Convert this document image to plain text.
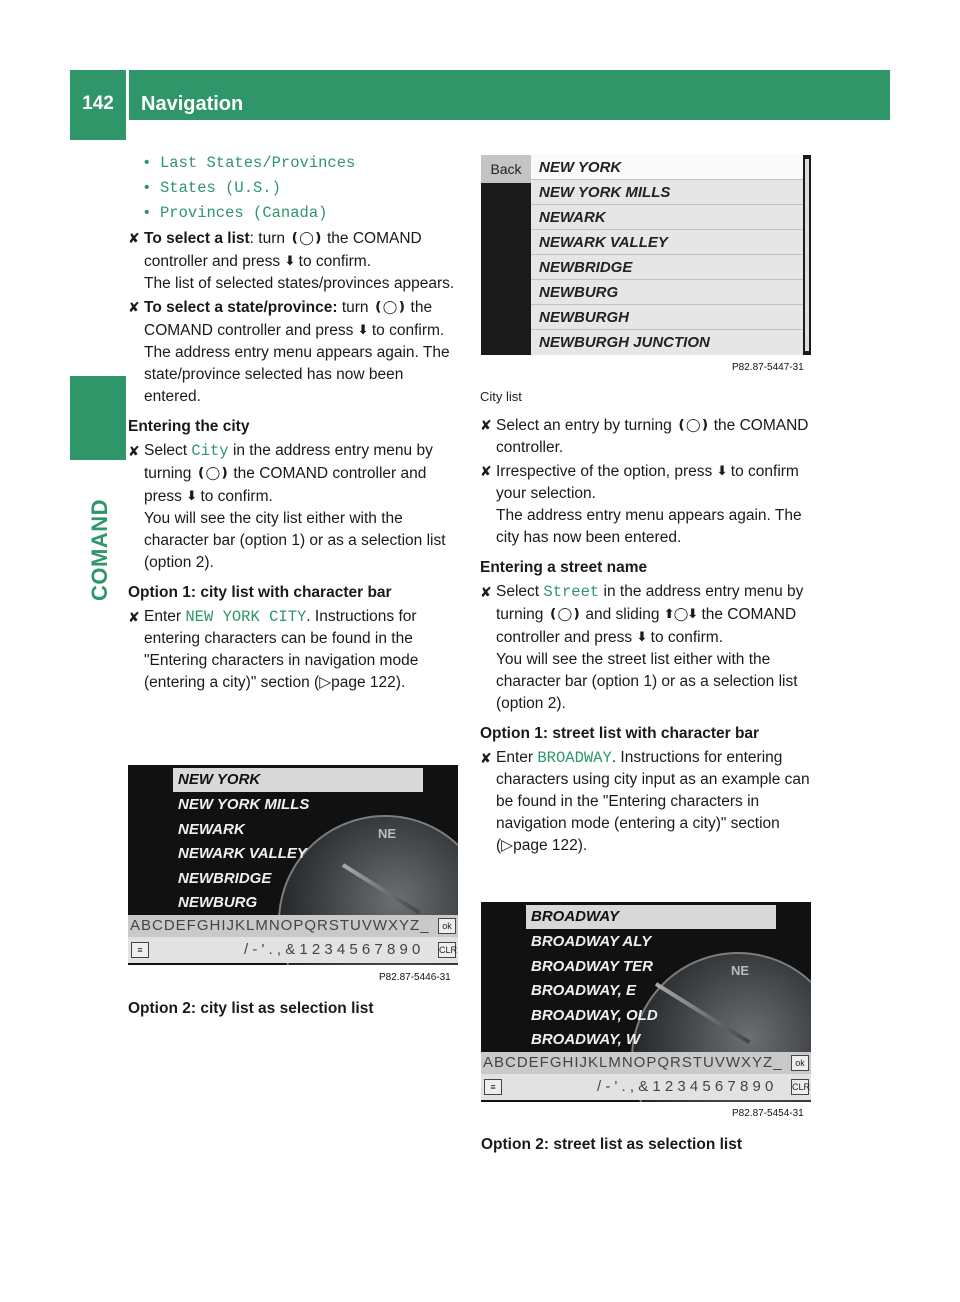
142	Navigation
COMAND
• Last States/Provinces
• States (U.S.)
• Provinces (Canada)
✘ To select a list: turn ❪◯❫ the COMAND controller and press ⬇ to confirm.

The list of selected states/provinces appears.

✘ To select a state/province: turn ❪◯❫ the COMAND controller and press ⬇ to confirm.

The address entry menu appears again. The state/province selected has now been entered.

Entering the city

✘ Select City in the address entry menu by turning ❪◯❫ the COMAND controller and press ⬇ to confirm.

You will see the city list either with the character bar (option 1) or as a selection list (option 2).

Option 1: city list with character bar

✘ Enter NEW YORK CITY. Instructions for entering characters can be found in the "Entering characters in navigation mode (entering a city)" section (▷page 122).
NE
NEW YORK
NEW YORK MILLS
NEWARK
NEWARK VALLEY
NEWBRIDGE
NEWBURG
ABCDEFGHIJKLMNOPQRSTUVWXYZ_	ok
≡	/ - ' . , & 1 2 3 4 5 6 7 8 9 0 CLR
P82.87-5446-31
Option 2: city list as selection list
Back	NEW YORK
NEW YORK MILLS
NEWARK
NEWARK VALLEY
NEWBRIDGE
NEWBURG
NEWBURGH
NEWBURGH JUNCTION
P82.87-5447-31

City list

✘ Select an entry by turning ❪◯❫ the COMAND controller.
✘ Irrespective of the option, press ⬇ to confirm your selection.

The address entry menu appears again. The city has now been entered.

Entering a street name

✘ Select Street in the address entry menu by turning ❪◯❫ and sliding ⬆◯⬇ the COMAND controller and press ⬇ to confirm.

You will see the street list either with the character bar (option 1) or as a selection list (option 2).

Option 1: street list with character bar

✘ Enter BROADWAY. Instructions for entering characters using city input as an example can be found in the "Entering characters in navigation mode (entering a city)" section (▷page 122).
NE
BROADWAY
BROADWAY ALY
BROADWAY TER
BROADWAY, E
BROADWAY, OLD
BROADWAY, W
ABCDEFGHIJKLMNOPQRSTUVWXYZ_	ok
≡	/ - ' . , & 1 2 3 4 5 6 7 8 9 0 CLR
P82.87-5454-31
Option 2: street list as selection list
